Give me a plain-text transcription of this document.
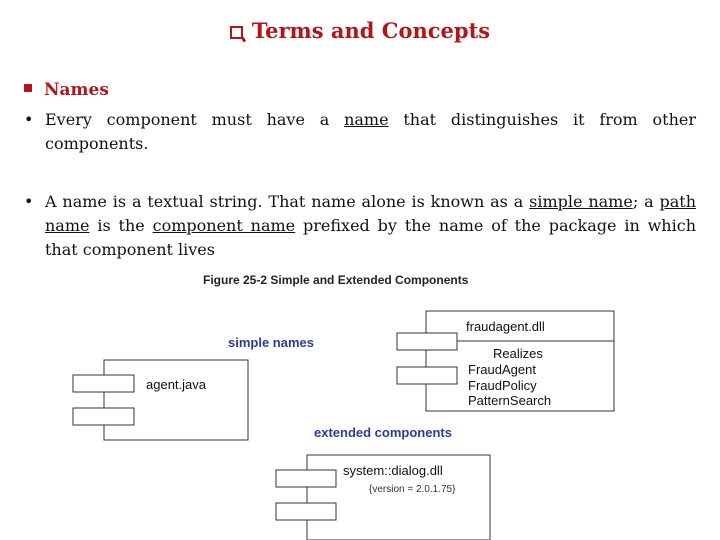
Terms and Concepts
Names
• Every component must have a name that distinguishes it from other components.
• A name is a textual string. That name alone is known as a simple name; a path name is the component name prefixed by the name of the package in which that component lives
Figure 25-2 Simple and Extended Components
simple names
extended components
agent.java
fraudagent.dll
Realizes
FraudAgent
FraudPolicy
PatternSearch
system::dialog.dll
{version = 2.0.1.75}
